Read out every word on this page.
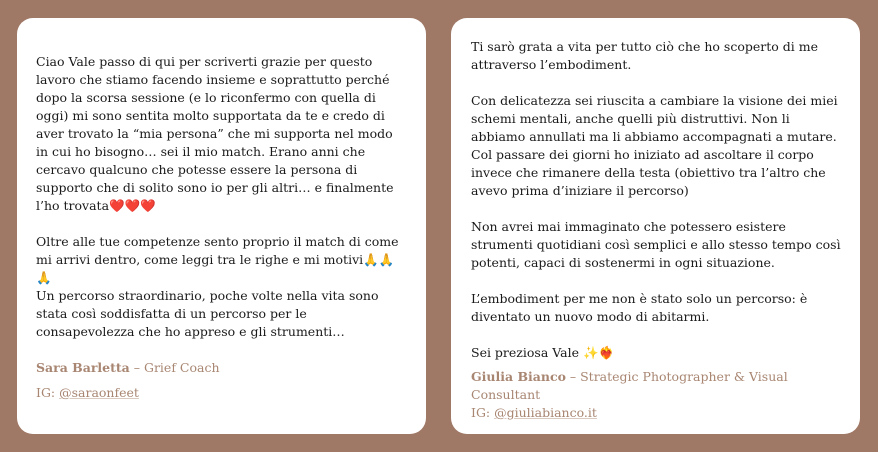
Ciao Vale passo di qui per scriverti grazie per questo lavoro che stiamo facendo insieme e soprattutto perché dopo la scorsa sessione (e lo riconfermo con quella di oggi) mi sono sentita molto supportata da te e credo di aver trovato la “mia persona” che mi supporta nel modo in cui ho bisogno… sei il mio match. Erano anni che cercavo qualcuno che potesse essere la persona di supporto che di solito sono io per gli altri… e finalmente l’ho trovata❤️❤️❤️

Oltre alle tue competenze sento proprio il match di come mi arrivi dentro, come leggi tra le righe e mi motivi🙏🙏🙏
Un percorso straordinario, poche volte nella vita sono stata così soddisfatta di un percorso per le consapevolezza che ho appreso e gli strumenti…

Sara Barletta – Grief Coach
IG: @saraonfeet

Ti sarò grata a vita per tutto ciò che ho scoperto di me attraverso l’embodiment.

Con delicatezza sei riuscita a cambiare la visione dei miei schemi mentali, anche quelli più distruttivi. Non li abbiamo annullati ma li abbiamo accompagnati a mutare. Col passare dei giorni ho iniziato ad ascoltare il corpo invece che rimanere della testa (obiettivo tra l’altro che avevo prima d’iniziare il percorso)

Non avrei mai immaginato che potessero esistere strumenti quotidiani così semplici e allo stesso tempo così potenti, capaci di sostenermi in ogni situazione.

L’embodiment per me non è stato solo un percorso: è diventato un nuovo modo di abitarmi.

Sei preziosa Vale ✨❤️‍🔥

Giulia Bianco – Strategic Photographer & Visual Consultant
IG: @giuliabianco.it
